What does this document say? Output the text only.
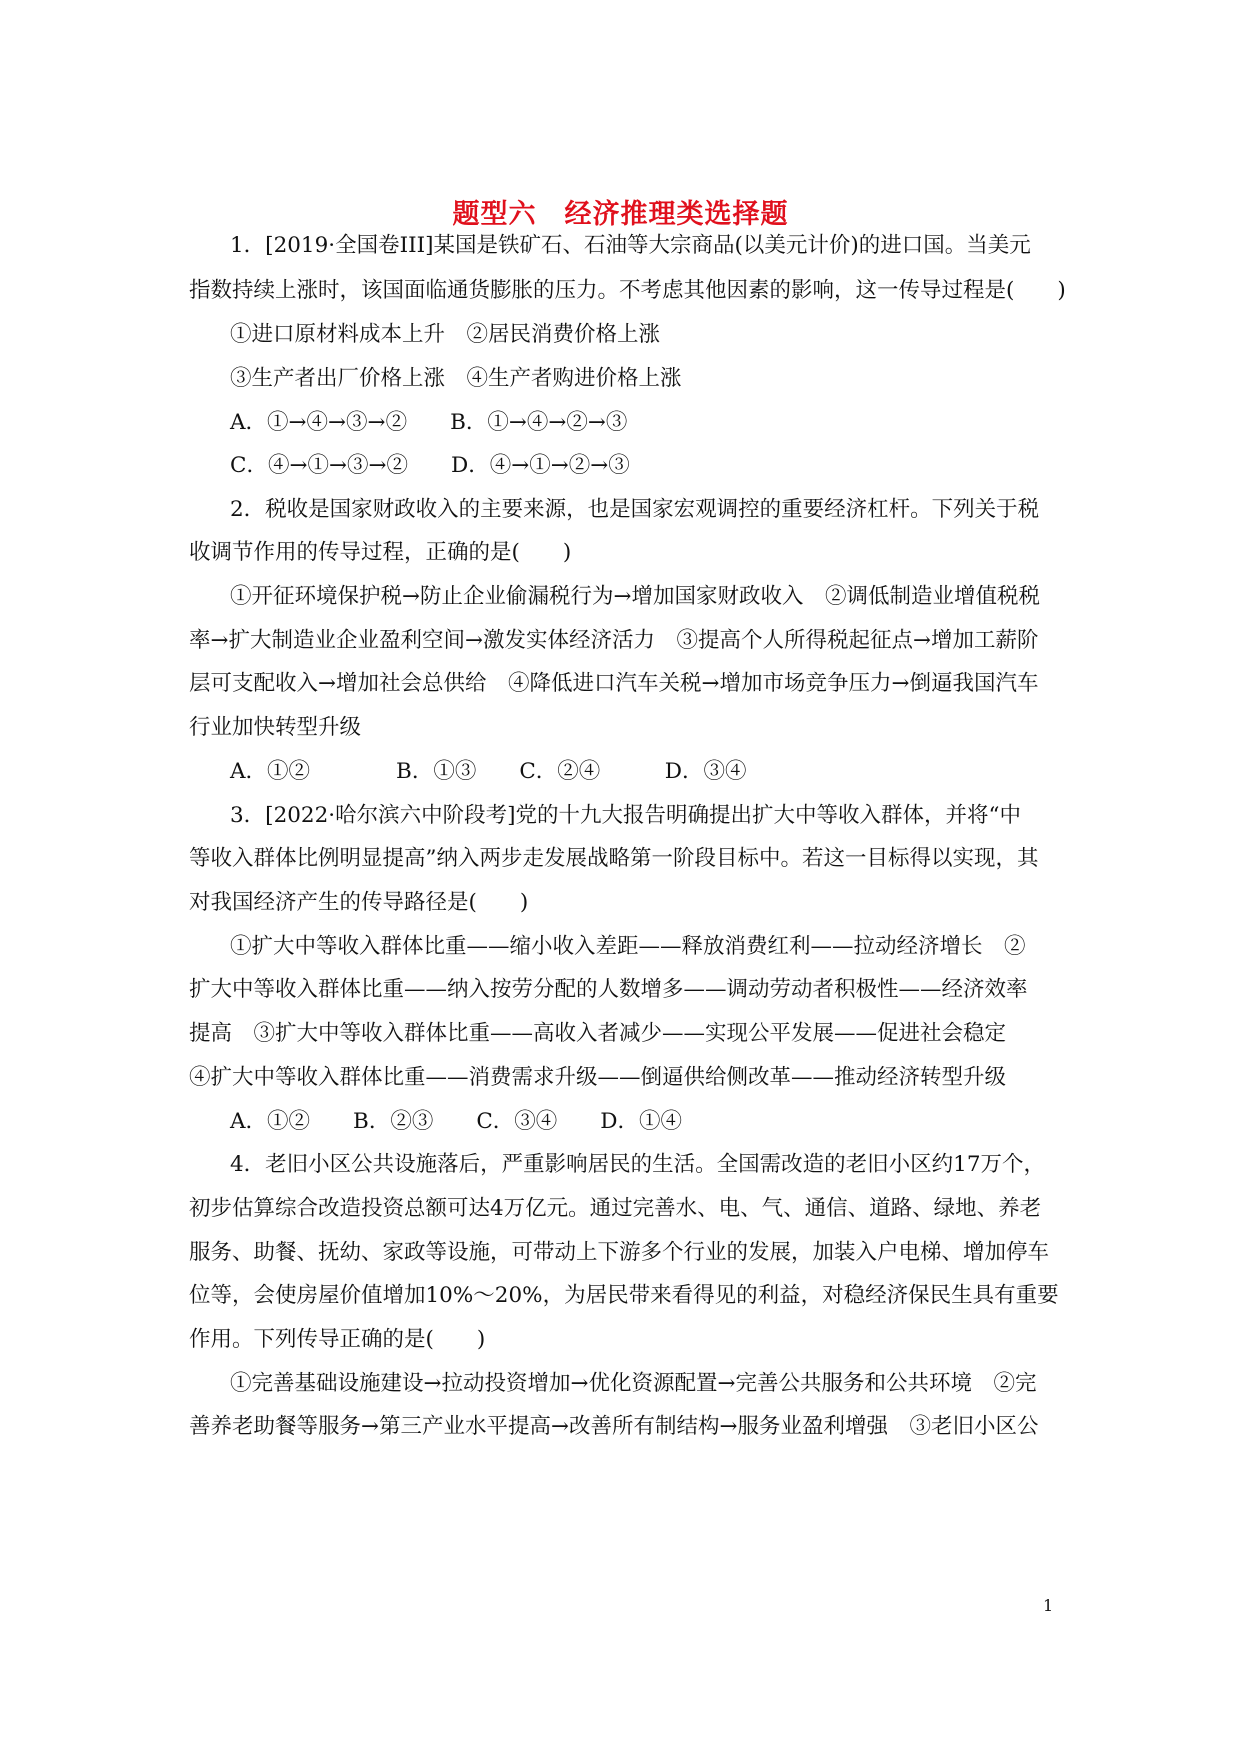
题型六　经济推理类选择题
1．[2019·全国卷III]某国是铁矿石、石油等大宗商品(以美元计价)的进口国。当美元
指数持续上涨时，该国面临通货膨胀的压力。不考虑其他因素的影响，这一传导过程是(　　)
①进口原材料成本上升　②居民消费价格上涨
③生产者出厂价格上涨　④生产者购进价格上涨
A．①→④→③→②　　B．①→④→②→③
C．④→①→③→②　　D．④→①→②→③
2．税收是国家财政收入的主要来源，也是国家宏观调控的重要经济杠杆。下列关于税
收调节作用的传导过程，正确的是(　　)
①开征环境保护税→防止企业偷漏税行为→增加国家财政收入　②调低制造业增值税税
率→扩大制造业企业盈利空间→激发实体经济活力　③提高个人所得税起征点→增加工薪阶
层可支配收入→增加社会总供给　④降低进口汽车关税→增加市场竞争压力→倒逼我国汽车
行业加快转型升级
A．①②　　　　B．①③　　C．②④　　　D．③④
3．[2022·哈尔滨六中阶段考]党的十九大报告明确提出扩大中等收入群体，并将“中
等收入群体比例明显提高”纳入两步走发展战略第一阶段目标中。若这一目标得以实现，其
对我国经济产生的传导路径是(　　)
①扩大中等收入群体比重——缩小收入差距——释放消费红利——拉动经济增长　②
扩大中等收入群体比重——纳入按劳分配的人数增多——调动劳动者积极性——经济效率
提高　③扩大中等收入群体比重——高收入者减少——实现公平发展——促进社会稳定
④扩大中等收入群体比重——消费需求升级——倒逼供给侧改革——推动经济转型升级
A．①②　　B．②③　　C．③④　　D．①④
4．老旧小区公共设施落后，严重影响居民的生活。全国需改造的老旧小区约17万个，
初步估算综合改造投资总额可达4万亿元。通过完善水、电、气、通信、道路、绿地、养老
服务、助餐、抚幼、家政等设施，可带动上下游多个行业的发展，加装入户电梯、增加停车
位等，会使房屋价值增加10%～20%，为居民带来看得见的利益，对稳经济保民生具有重要
作用。下列传导正确的是(　　)
①完善基础设施建设→拉动投资增加→优化资源配置→完善公共服务和公共环境　②完
善养老助餐等服务→第三产业水平提高→改善所有制结构→服务业盈利增强　③老旧小区公
1
